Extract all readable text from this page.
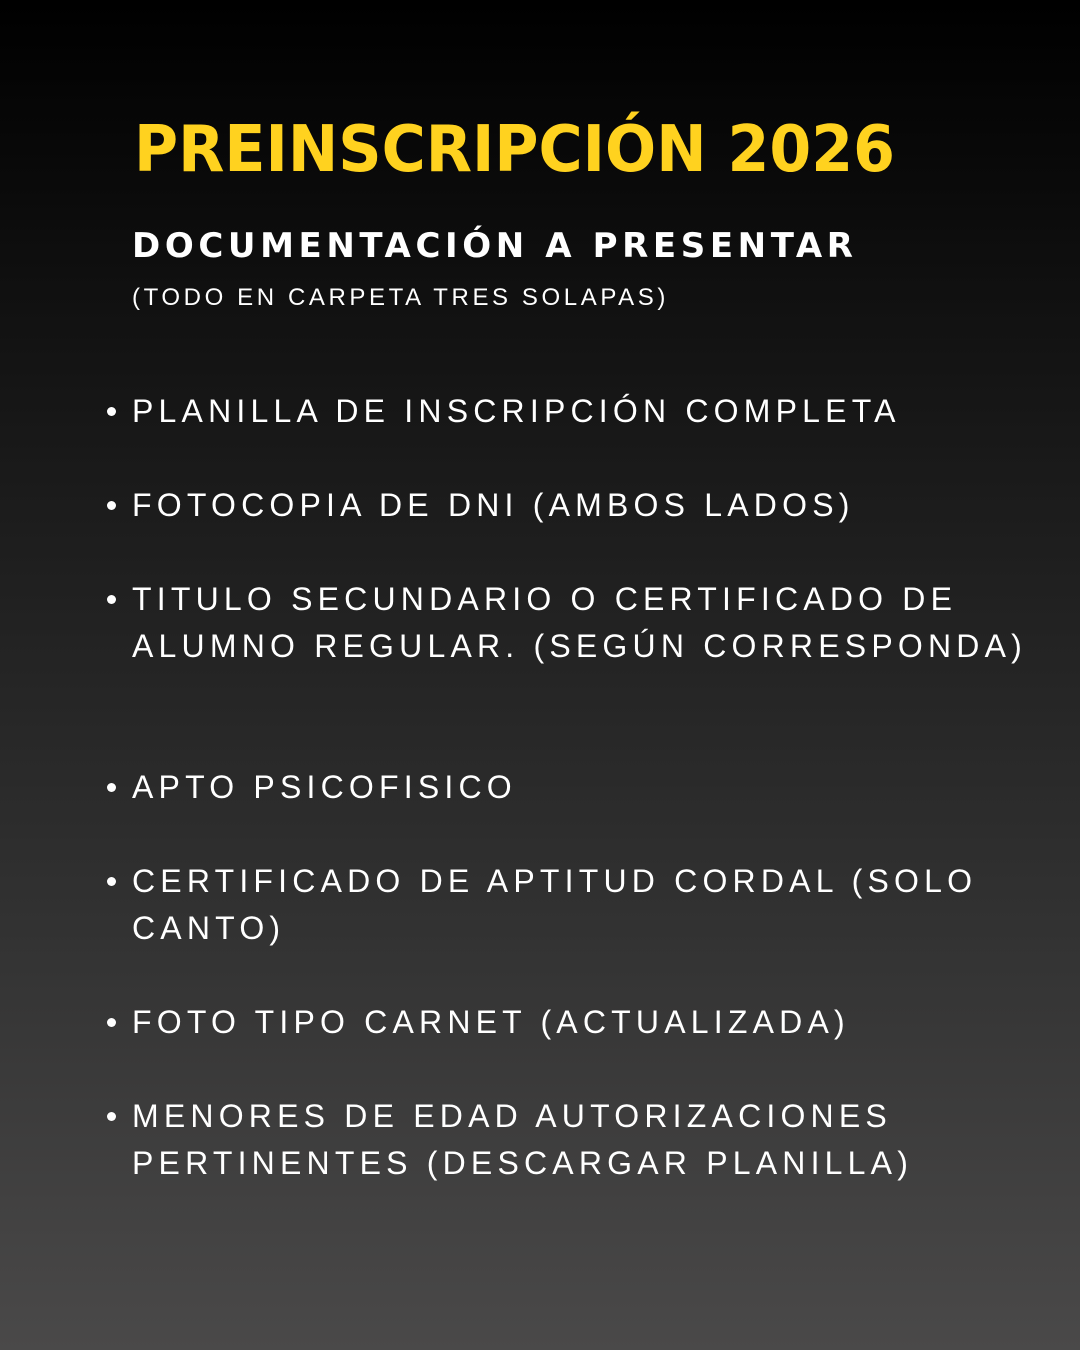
PREINSCRIPCIÓN 2026
DOCUMENTACIÓN A PRESENTAR

(TODO EN CARPETA TRES SOLAPAS)

PLANILLA DE INSCRIPCIÓN COMPLETA
FOTOCOPIA DE DNI (AMBOS LADOS)
TITULO SECUNDARIO O CERTIFICADO DE ALUMNO REGULAR. (SEGÚN CORRESPONDA)
APTO PSICOFISICO
CERTIFICADO DE APTITUD CORDAL (SOLO CANTO)
FOTO TIPO CARNET (ACTUALIZADA)
MENORES DE EDAD AUTORIZACIONES PERTINENTES (DESCARGAR PLANILLA)
